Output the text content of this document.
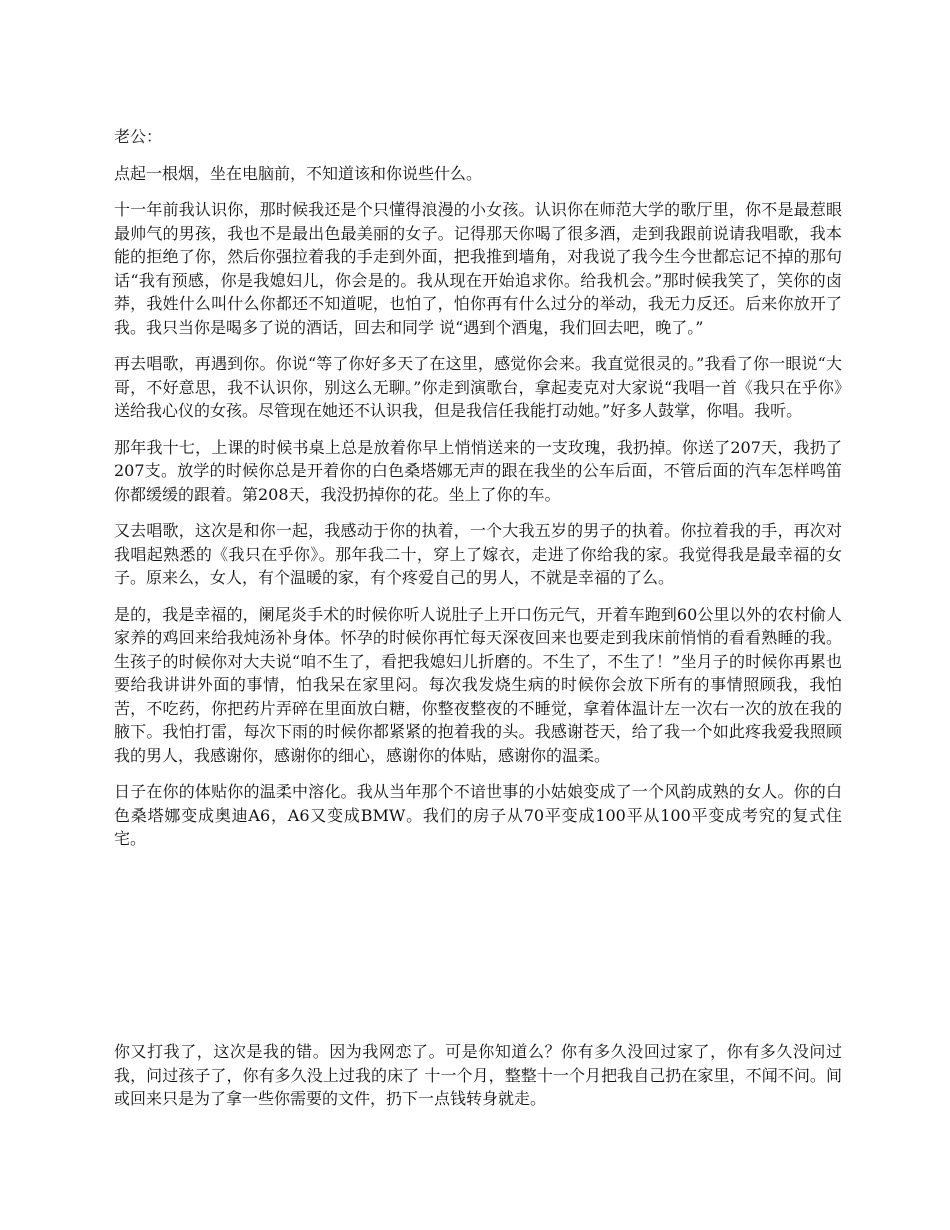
老公：

点起一根烟，坐在电脑前，不知道该和你说些什么。

十一年前我认识你，那时候我还是个只懂得浪漫的小女孩。认识你在师范大学的歌厅里，你不是最惹眼最帅气的男孩，我也不是最出色最美丽的女子。记得那天你喝了很多酒，走到我跟前说请我唱歌，我本能的拒绝了你，然后你强拉着我的手走到外面，把我推到墙角，对我说了我今生今世都忘记不掉的那句话“我有预感，你是我媳妇儿，你会是的。我从现在开始追求你。给我机会。”那时候我笑了，笑你的卤莽，我姓什么叫什么你都还不知道呢，也怕了，怕你再有什么过分的举动，我无力反还。后来你放开了我。我只当你是喝多了说的酒话，回去和同学 说“遇到个酒鬼，我们回去吧，晚了。”

再去唱歌，再遇到你。你说“等了你好多天了在这里，感觉你会来。我直觉很灵的。”我看了你一眼说“大哥，不好意思，我不认识你，别这么无聊。”你走到演歌台，拿起麦克对大家说“我唱一首《我只在乎你》送给我心仪的女孩。尽管现在她还不认识我，但是我信任我能打动她。”好多人鼓掌，你唱。我听。

那年我十七，上课的时候书桌上总是放着你早上悄悄送来的一支玫瑰，我扔掉。你送了207天，我扔了207支。放学的时候你总是开着你的白色桑塔娜无声的跟在我坐的公车后面，不管后面的汽车怎样鸣笛你都缓缓的跟着。第208天，我没扔掉你的花。坐上了你的车。

又去唱歌，这次是和你一起，我感动于你的执着，一个大我五岁的男子的执着。你拉着我的手，再次对我唱起熟悉的《我只在乎你》。那年我二十，穿上了嫁衣，走进了你给我的家。我觉得我是最幸福的女子。原来么，女人，有个温暖的家，有个疼爱自己的男人，不就是幸福的了么。

是的，我是幸福的，阑尾炎手术的时候你听人说肚子上开口伤元气，开着车跑到60公里以外的农村偷人家养的鸡回来给我炖汤补身体。怀孕的时候你再忙每天深夜回来也要走到我床前悄悄的看看熟睡的我。生孩子的时候你对大夫说“咱不生了，看把我媳妇儿折磨的。不生了，不生了！”坐月子的时候你再累也要给我讲讲外面的事情，怕我呆在家里闷。每次我发烧生病的时候你会放下所有的事情照顾我，我怕苦，不吃药，你把药片弄碎在里面放白糖，你整夜整夜的不睡觉，拿着体温计左一次右一次的放在我的腋下。我怕打雷，每次下雨的时候你都紧紧的抱着我的头。我感谢苍天，给了我一个如此疼我爱我照顾我的男人，我感谢你，感谢你的细心，感谢你的体贴，感谢你的温柔。

日子在你的体贴你的温柔中溶化。我从当年那个不谙世事的小姑娘变成了一个风韵成熟的女人。你的白色桑塔娜变成奥迪A6，A6又变成BMW。我们的房子从70平变成100平从100平变成考究的复式住宅。

你又打我了，这次是我的错。因为我网恋了。可是你知道么？你有多久没回过家了，你有多久没问过我，问过孩子了，你有多久没上过我的床了 十一个月，整整十一个月把我自己扔在家里，不闻不问。间或回来只是为了拿一些你需要的文件，扔下一点钱转身就走。
